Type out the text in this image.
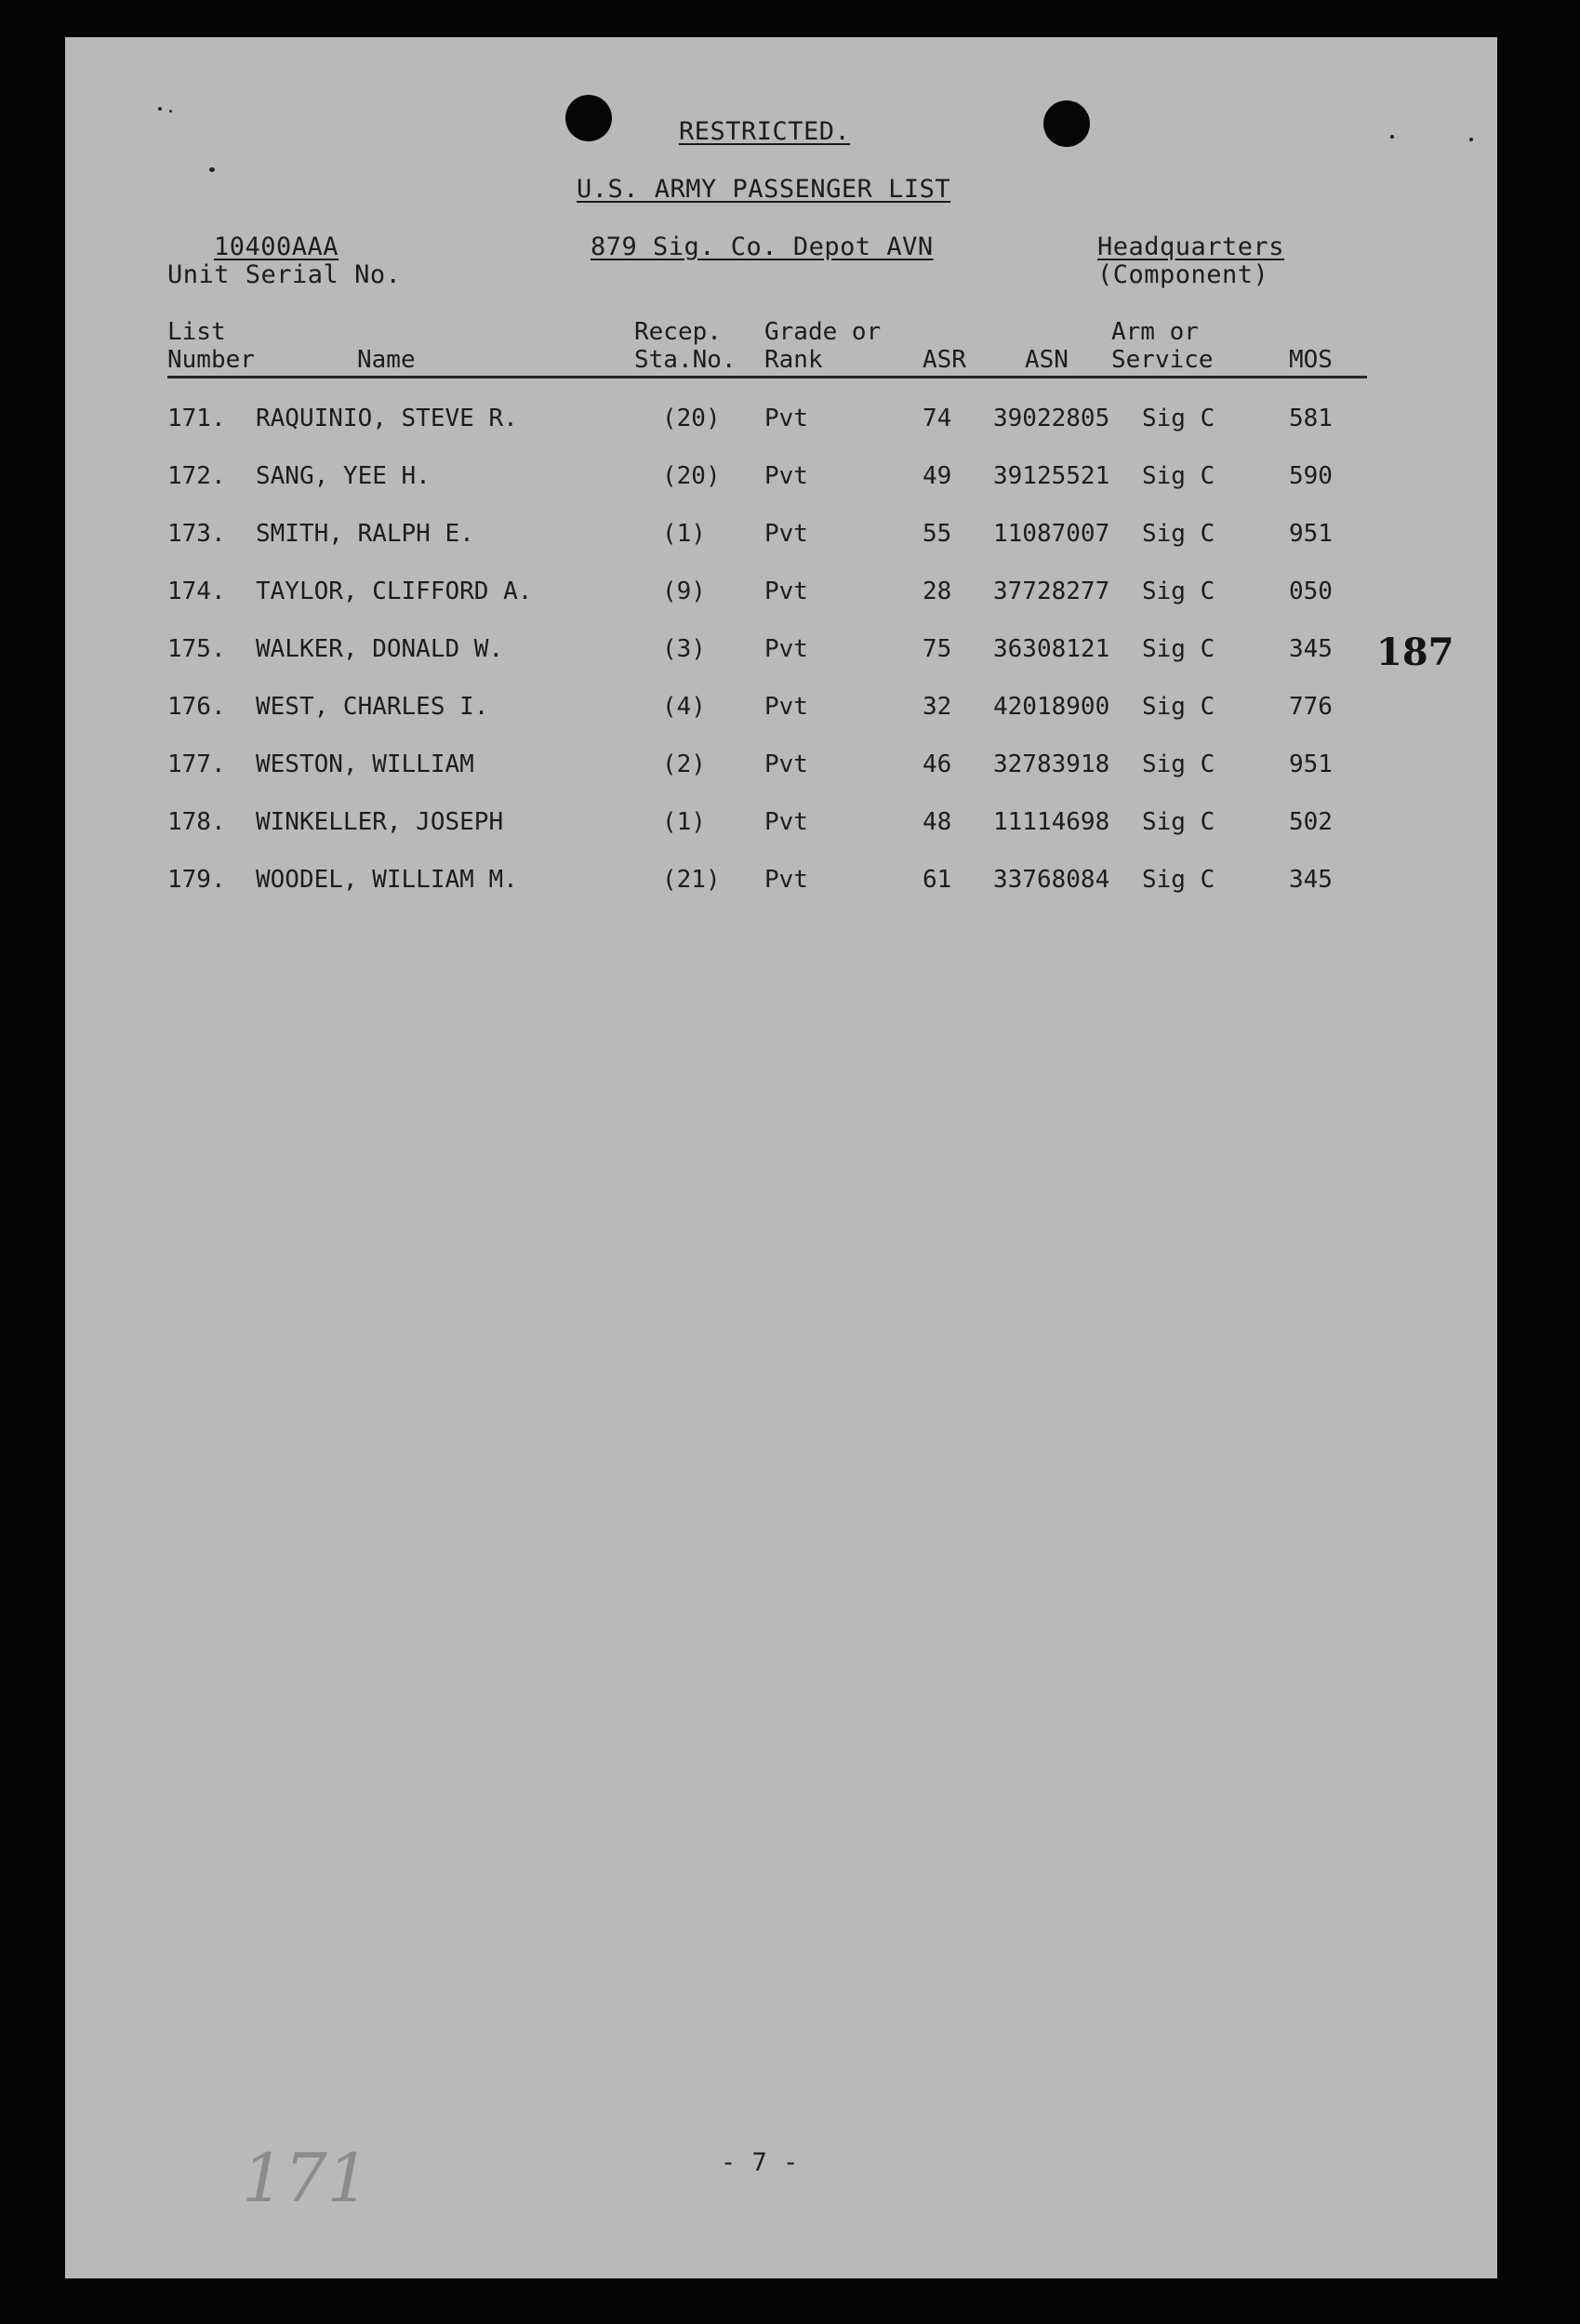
RESTRICTED.
U.S. ARMY PASSENGER LIST
10400AAA
Unit Serial No.
879 Sig. Co. Depot AVN	Headquarters
(Component)
List
Number	Name
Recep.
Sta.No.
Grade or
Rank	ASR ASN
Arm or
Service	MOS
171. RAQUINIO, STEVE R.	(20) Pvt	74 39022805 Sig C	581
172. SANG, YEE H.	(20) Pvt	49 39125521 Sig C	590
173. SMITH, RALPH E.	(1) Pvt	55 11087007 Sig C	951
174. TAYLOR, CLIFFORD A.	(9) Pvt	28 37728277 Sig C	050
175. WALKER, DONALD W.	(3) Pvt	75 36308121 Sig C	345
176. WEST, CHARLES I.	(4) Pvt	32 42018900 Sig C	776
177. WESTON, WILLIAM	(2) Pvt	46 32783918 Sig C	951
178. WINKELLER, JOSEPH	(1) Pvt	48 11114698 Sig C	502
179. WOODEL, WILLIAM M.	(21) Pvt	61 33768084 Sig C	345
187
171	- 7 -
